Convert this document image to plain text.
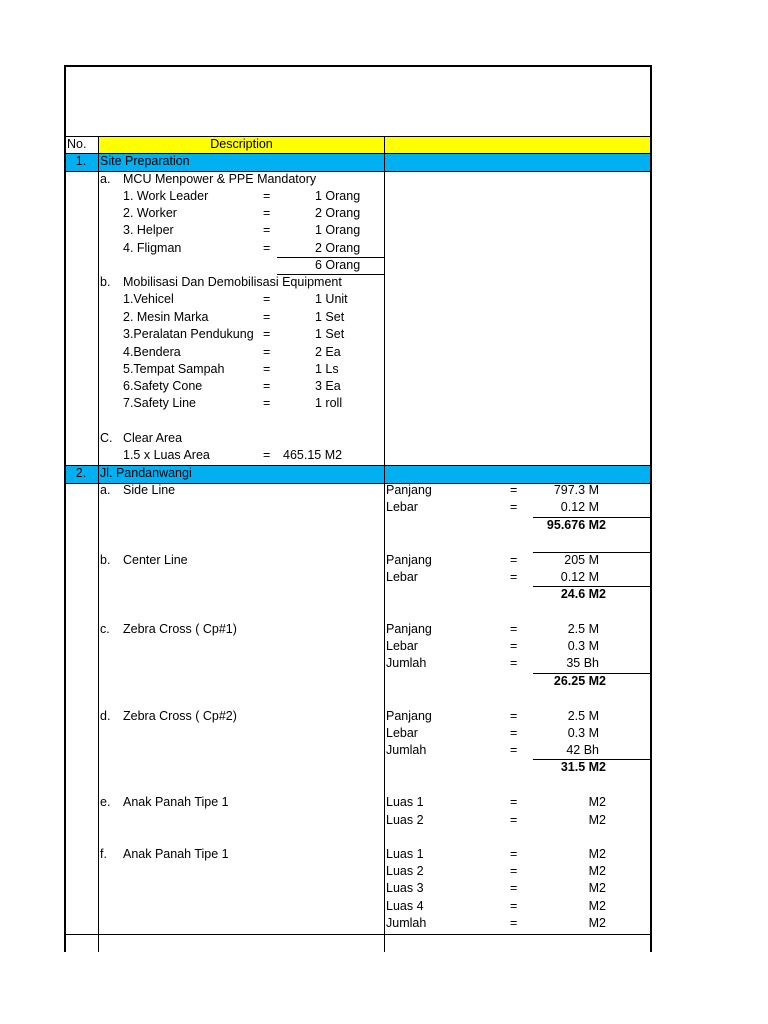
No.	Description
1.	Site Preparation
a. MCU Menpower & PPE Mandatory
1. Work Leader	=	1 Orang
2. Worker	=	2 Orang
3. Helper	=	1 Orang
4. Fligman	=	2 Orang
6 Orang
b. Mobilisasi Dan Demobilisasi Equipment
1.Vehicel	=	1 Unit
2. Mesin Marka	=	1 Set
3.Peralatan Pendukung =	1 Set
4.Bendera	=	2 Ea
5.Tempat Sampah	=	1 Ls
6.Safety Cone	=	3 Ea
7.Safety Line	=	1 roll
C. Clear Area
1.5 x Luas Area	= 465.15 M2
2.	Jl. Pandanwangi
a. Side Line	Panjang	=	797.3 M
Lebar	=	0.12 M
95.676 M2
b. Center Line	Panjang	=	205 M
Lebar	=	0.12 M
24.6 M2
c. Zebra Cross ( Cp#1)	Panjang	=	2.5 M
Lebar	=	0.3 M
Jumlah	=	35 Bh
26.25 M2
d. Zebra Cross ( Cp#2)	Panjang	=	2.5 M
Lebar	=	0.3 M
Jumlah	=	42 Bh
31.5 M2
e. Anak Panah Tipe 1	Luas 1	=	M2
Luas 2	=	M2
f. Anak Panah Tipe 1	Luas 1	=	M2
Luas 2	=	M2
Luas 3	=	M2
Luas 4	=	M2
Jumlah	=	M2
